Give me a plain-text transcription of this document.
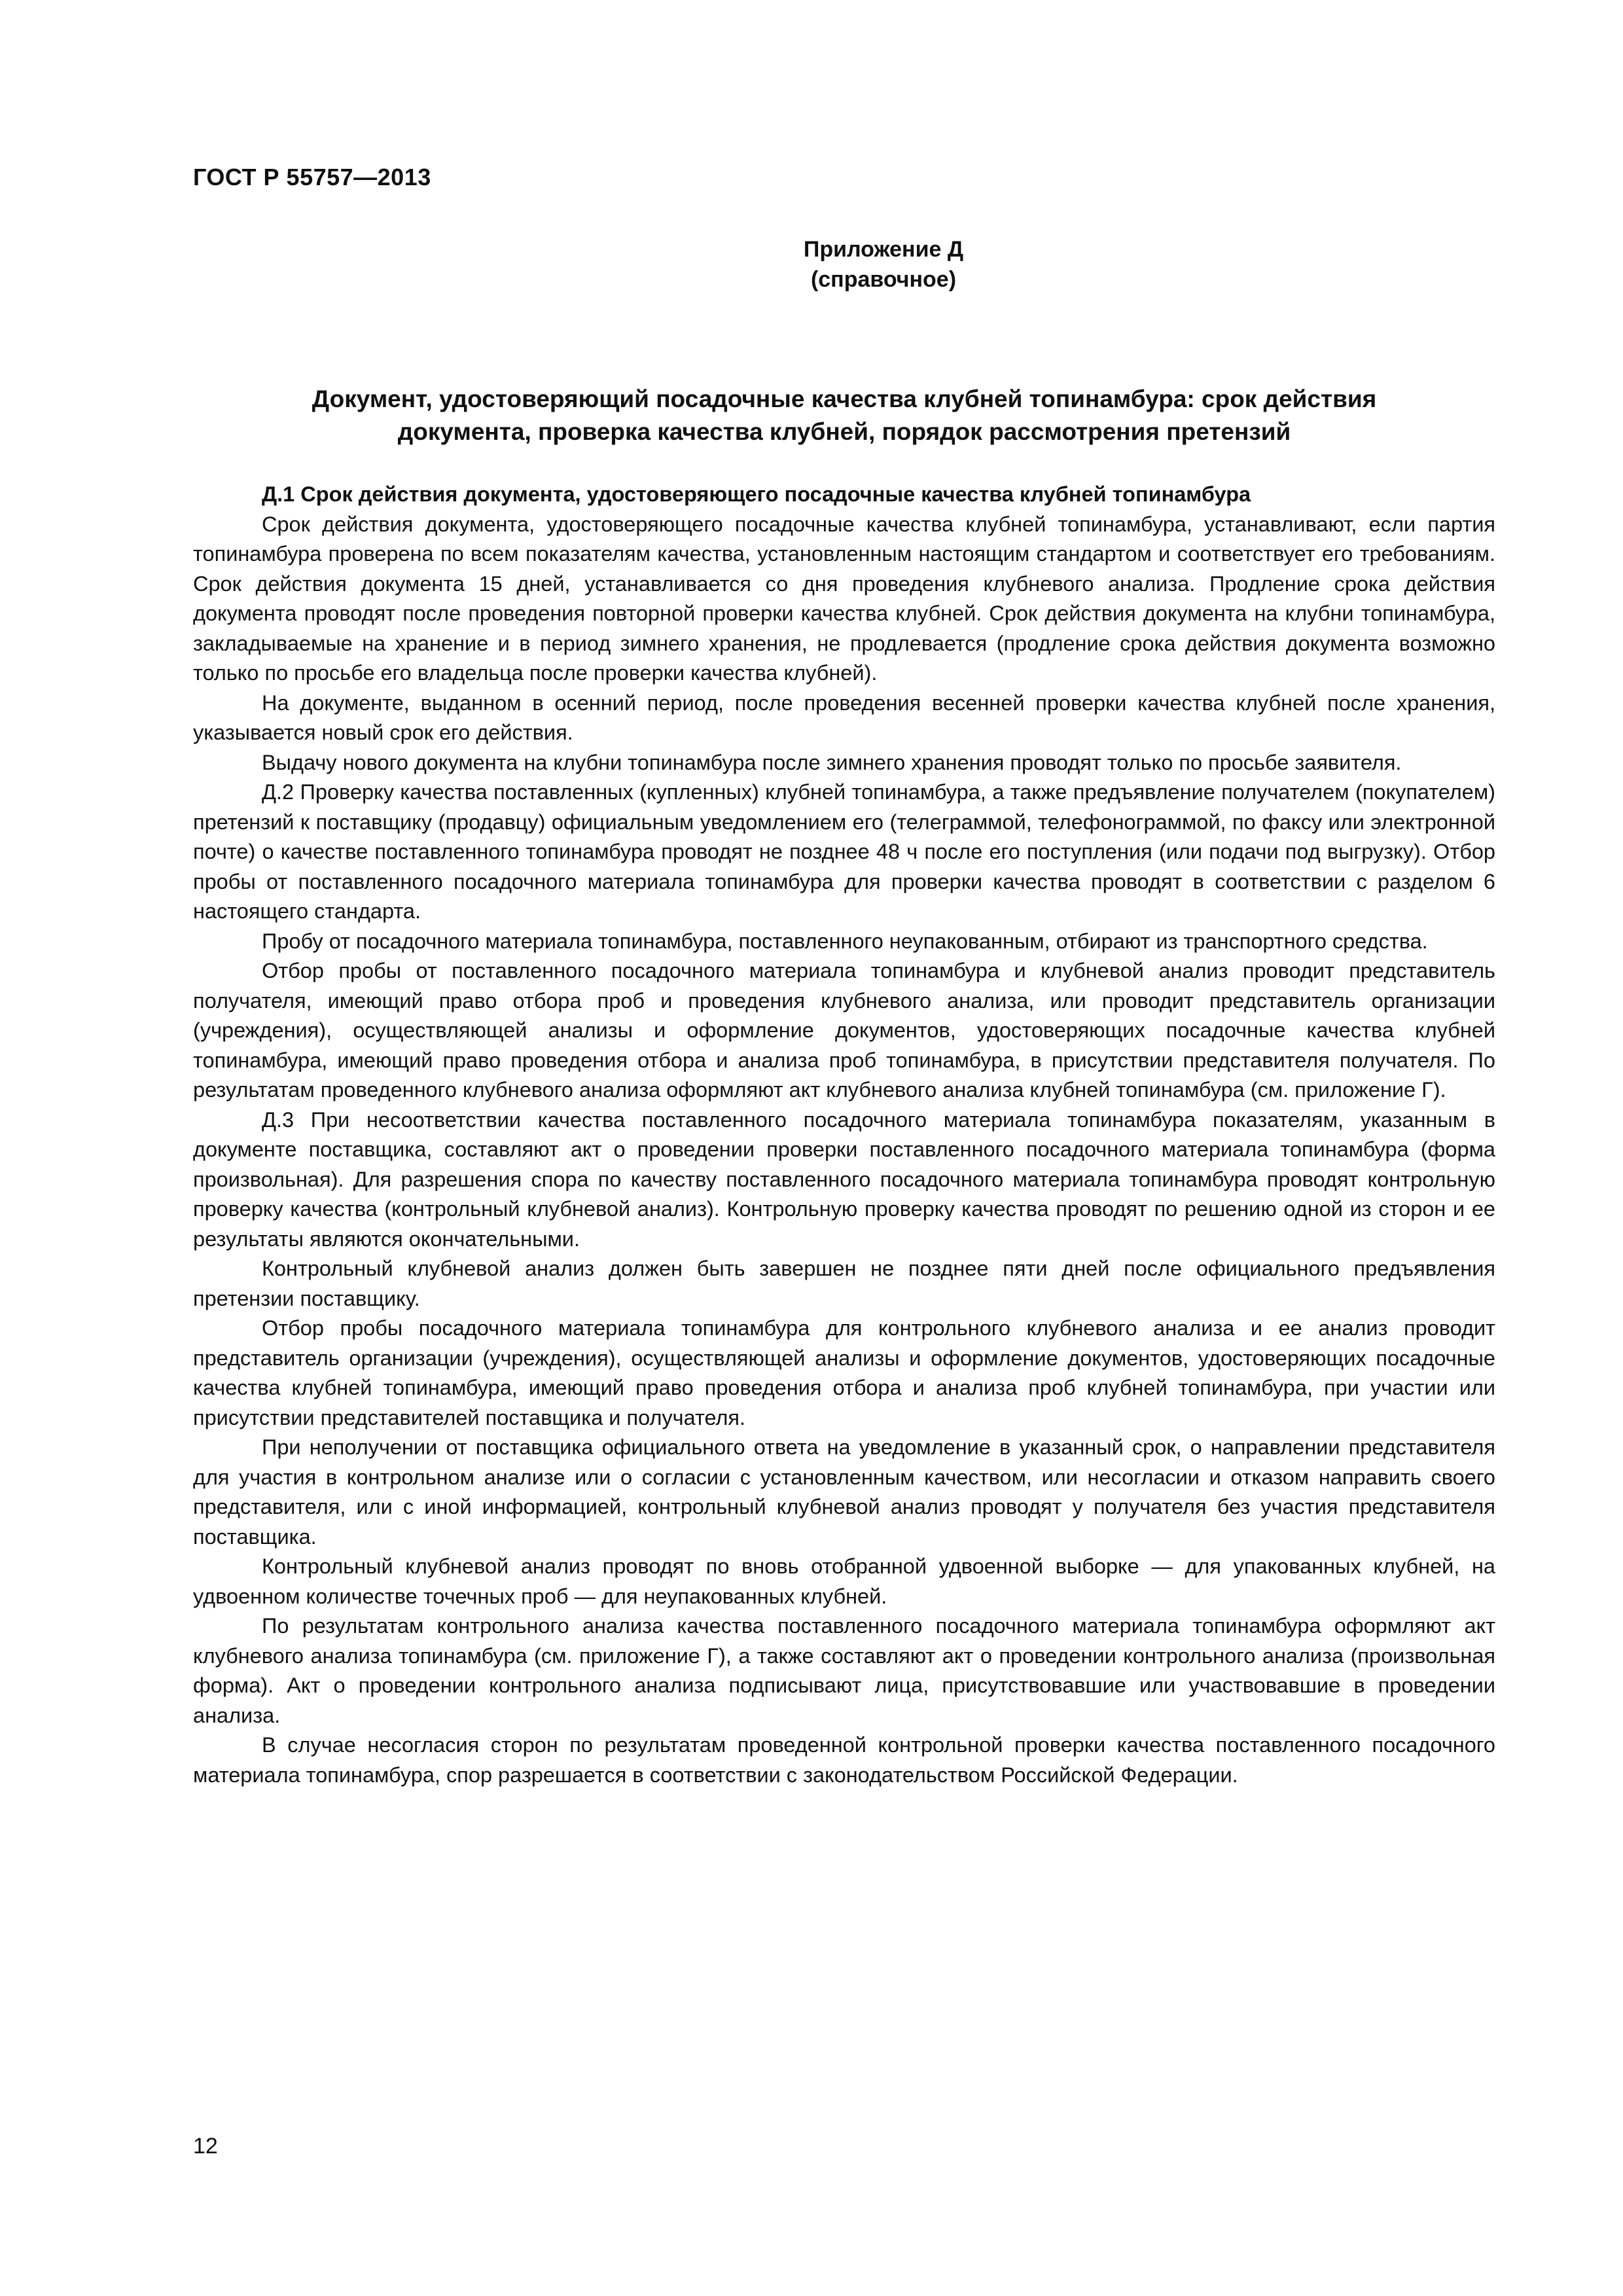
ГОСТ Р 55757—2013
Приложение Д
(справочное)
Документ, удостоверяющий посадочные качества клубней топинамбура: срок действия
документа, проверка качества клубней, порядок рассмотрения претензий

Д.1 Срок действия документа, удостоверяющего посадочные качества клубней топинамбура

Срок действия документа, удостоверяющего посадочные качества клубней топинамбура, устанавливают, если партия топинамбура проверена по всем показателям качества, установленным настоящим стандартом и соответствует его требованиям. Срок действия документа 15 дней, устанавливается со дня проведения клубневого анализа. Продление срока действия документа проводят после проведения повторной проверки качества клубней. Срок действия документа на клубни топинамбура, закладываемые на хранение и в период зимнего хранения, не продлевается (продление срока действия документа возможно только по просьбе его владельца после проверки качества клубней).

На документе, выданном в осенний период, после проведения весенней проверки качества клубней после хранения, указывается новый срок его действия.

Выдачу нового документа на клубни топинамбура после зимнего хранения проводят только по просьбе заявителя.

Д.2 Проверку качества поставленных (купленных) клубней топинамбура, а также предъявление получателем (покупателем) претензий к поставщику (продавцу) официальным уведомлением его (телеграммой, телефонограммой, по факсу или электронной почте) о качестве поставленного топинамбура проводят не позднее 48 ч после его поступления (или подачи под выгрузку). Отбор пробы от поставленного посадочного материала топинамбура для проверки качества проводят в соответствии с разделом 6 настоящего стандарта.

Пробу от посадочного материала топинамбура, поставленного неупакованным, отбирают из транспортного средства.

Отбор пробы от поставленного посадочного материала топинамбура и клубневой анализ проводит представитель получателя, имеющий право отбора проб и проведения клубневого анализа, или проводит представитель организации (учреждения), осуществляющей анализы и оформление документов, удостоверяющих посадочные качества клубней топинамбура, имеющий право проведения отбора и анализа проб топинамбура, в присутствии представителя получателя. По результатам проведенного клубневого анализа оформляют акт клубневого анализа клубней топинамбура (см. приложение Г).

Д.3 При несоответствии качества поставленного посадочного материала топинамбура показателям, указанным в документе поставщика, составляют акт о проведении проверки поставленного посадочного материала топинамбура (форма произвольная). Для разрешения спора по качеству поставленного посадочного материала топинамбура проводят контрольную проверку качества (контрольный клубневой анализ). Контрольную проверку качества проводят по решению одной из сторон и ее результаты являются окончательными.

Контрольный клубневой анализ должен быть завершен не позднее пяти дней после официального предъявления претензии поставщику.

Отбор пробы посадочного материала топинамбура для контрольного клубневого анализа и ее анализ проводит представитель организации (учреждения), осуществляющей анализы и оформление документов, удостоверяющих посадочные качества клубней топинамбура, имеющий право проведения отбора и анализа проб клубней топинамбура, при участии или присутствии представителей поставщика и получателя.

При неполучении от поставщика официального ответа на уведомление в указанный срок, о направлении представителя для участия в контрольном анализе или о согласии с установленным качеством, или несогласии и отказом направить своего представителя, или с иной информацией, контрольный клубневой анализ проводят у получателя без участия представителя поставщика.

Контрольный клубневой анализ проводят по вновь отобранной удвоенной выборке — для упакованных клубней, на удвоенном количестве точечных проб — для неупакованных клубней.

По результатам контрольного анализа качества поставленного посадочного материала топинамбура оформляют акт клубневого анализа топинамбура (см. приложение Г), а также составляют акт о проведении контрольного анализа (произвольная форма). Акт о проведении контрольного анализа подписывают лица, присутствовавшие или участвовавшие в проведении анализа.

В случае несогласия сторон по результатам проведенной контрольной проверки качества поставленного посадочного материала топинамбура, спор разрешается в соответствии с законодательством Российской Федерации.

12
